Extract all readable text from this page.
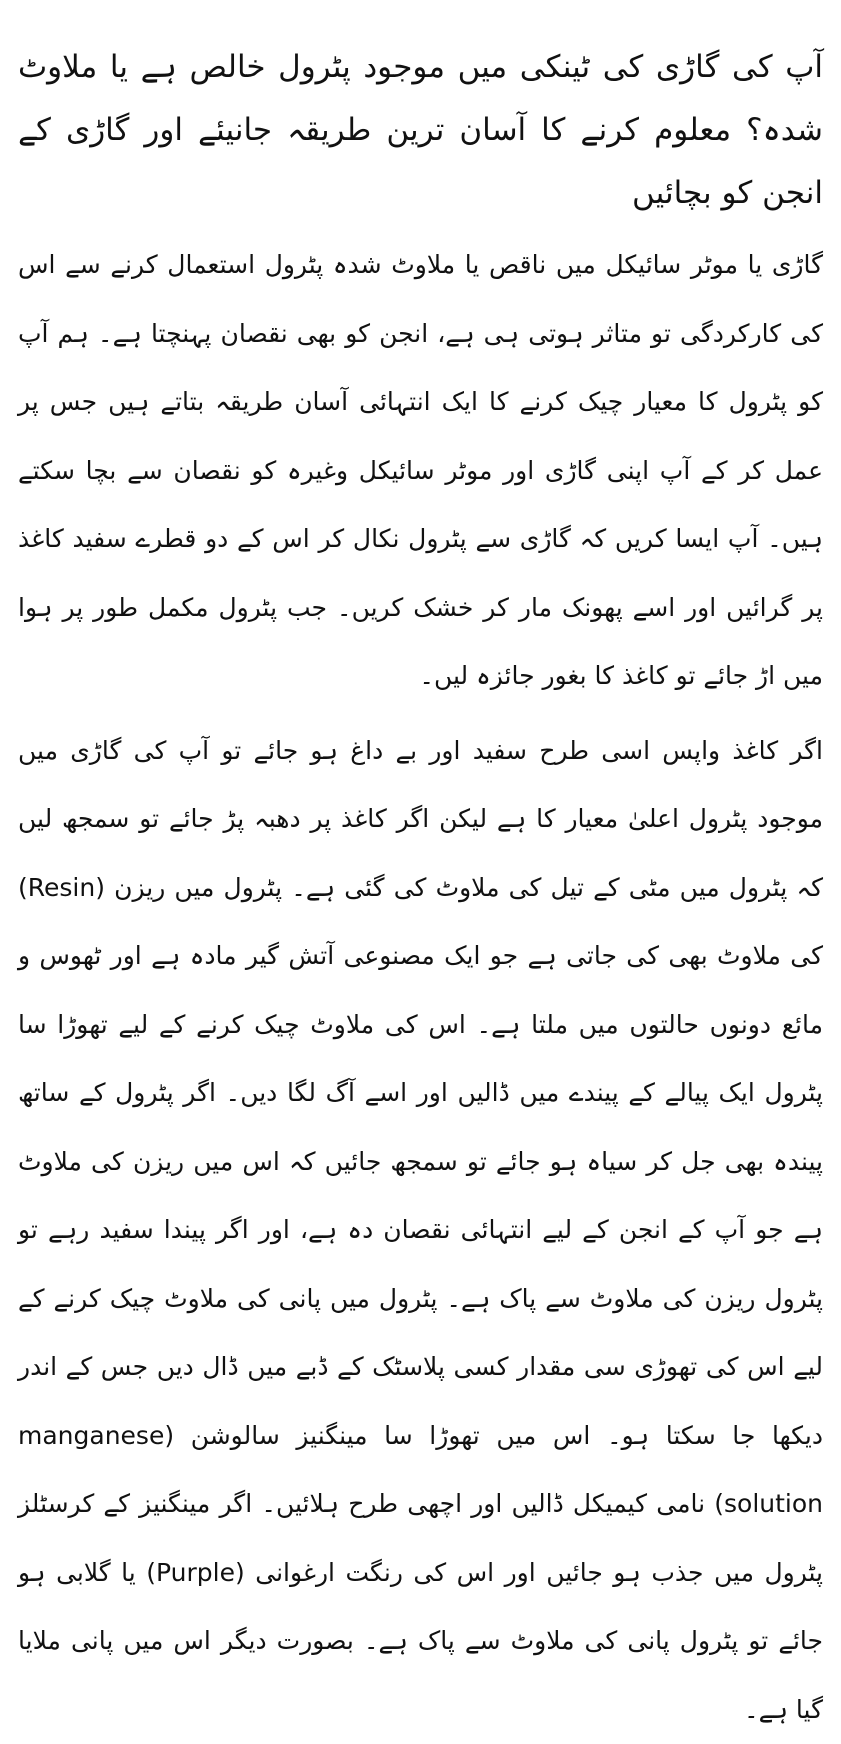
آپ کی گاڑی کی ٹینکی میں موجود پٹرول خالص ہے یا ملاوٹ شدہ؟ معلوم کرنے کا آسان ترین طریقہ جانیئے اور گاڑی کے انجن کو بچائیں

گاڑی یا موٹر سائیکل میں ناقص یا ملاوٹ شدہ پٹرول استعمال کرنے سے اس کی کارکردگی تو متاثر ہوتی ہی ہے، انجن کو بھی نقصان پہنچتا ہے۔ ہم آپ کو پٹرول کا معیار چیک کرنے کا ایک انتہائی آسان طریقہ بتاتے ہیں جس پر عمل کر کے آپ اپنی گاڑی اور موٹر سائیکل وغیرہ کو نقصان سے بچا سکتے ہیں۔ آپ ایسا کریں کہ گاڑی سے پٹرول نکال کر اس کے دو قطرے سفید کاغذ پر گرائیں اور اسے پھونک مار کر خشک کریں۔ جب پٹرول مکمل طور پر ہوا میں اڑ جائے تو کاغذ کا بغور جائزہ لیں۔

اگر کاغذ واپس اسی طرح سفید اور بے داغ ہو جائے تو آپ کی گاڑی میں موجود پٹرول اعلیٰ معیار کا ہے لیکن اگر کاغذ پر دھبہ پڑ جائے تو سمجھ لیں کہ پٹرول میں مٹی کے تیل کی ملاوٹ کی گئی ہے۔ پٹرول میں ریزن (Resin) کی ملاوٹ بھی کی جاتی ہے جو ایک مصنوعی آتش گیر مادہ ہے اور ٹھوس و مائع دونوں حالتوں میں ملتا ہے۔ اس کی ملاوٹ چیک کرنے کے لیے تھوڑا سا پٹرول ایک پیالے کے پیندے میں ڈالیں اور اسے آگ لگا دیں۔ اگر پٹرول کے ساتھ پیندہ بھی جل کر سیاہ ہو جائے تو سمجھ جائیں کہ اس میں ریزن کی ملاوٹ ہے جو آپ کے انجن کے لیے انتہائی نقصان دہ ہے، اور اگر پیندا سفید رہے تو پٹرول ریزن کی ملاوٹ سے پاک ہے۔ پٹرول میں پانی کی ملاوٹ چیک کرنے کے لیے اس کی تھوڑی سی مقدار کسی پلاسٹک کے ڈبے میں ڈال دیں جس کے اندر دیکھا جا سکتا ہو۔ اس میں تھوڑا سا مینگنیز سالوشن (manganese solution) نامی کیمیکل ڈالیں اور اچھی طرح ہلائیں۔ اگر مینگنیز کے کرسٹلز پٹرول میں جذب ہو جائیں اور اس کی رنگت ارغوانی (Purple) یا گلابی ہو جائے تو پٹرول پانی کی ملاوٹ سے پاک ہے۔ بصورت دیگر اس میں پانی ملایا گیا ہے۔
